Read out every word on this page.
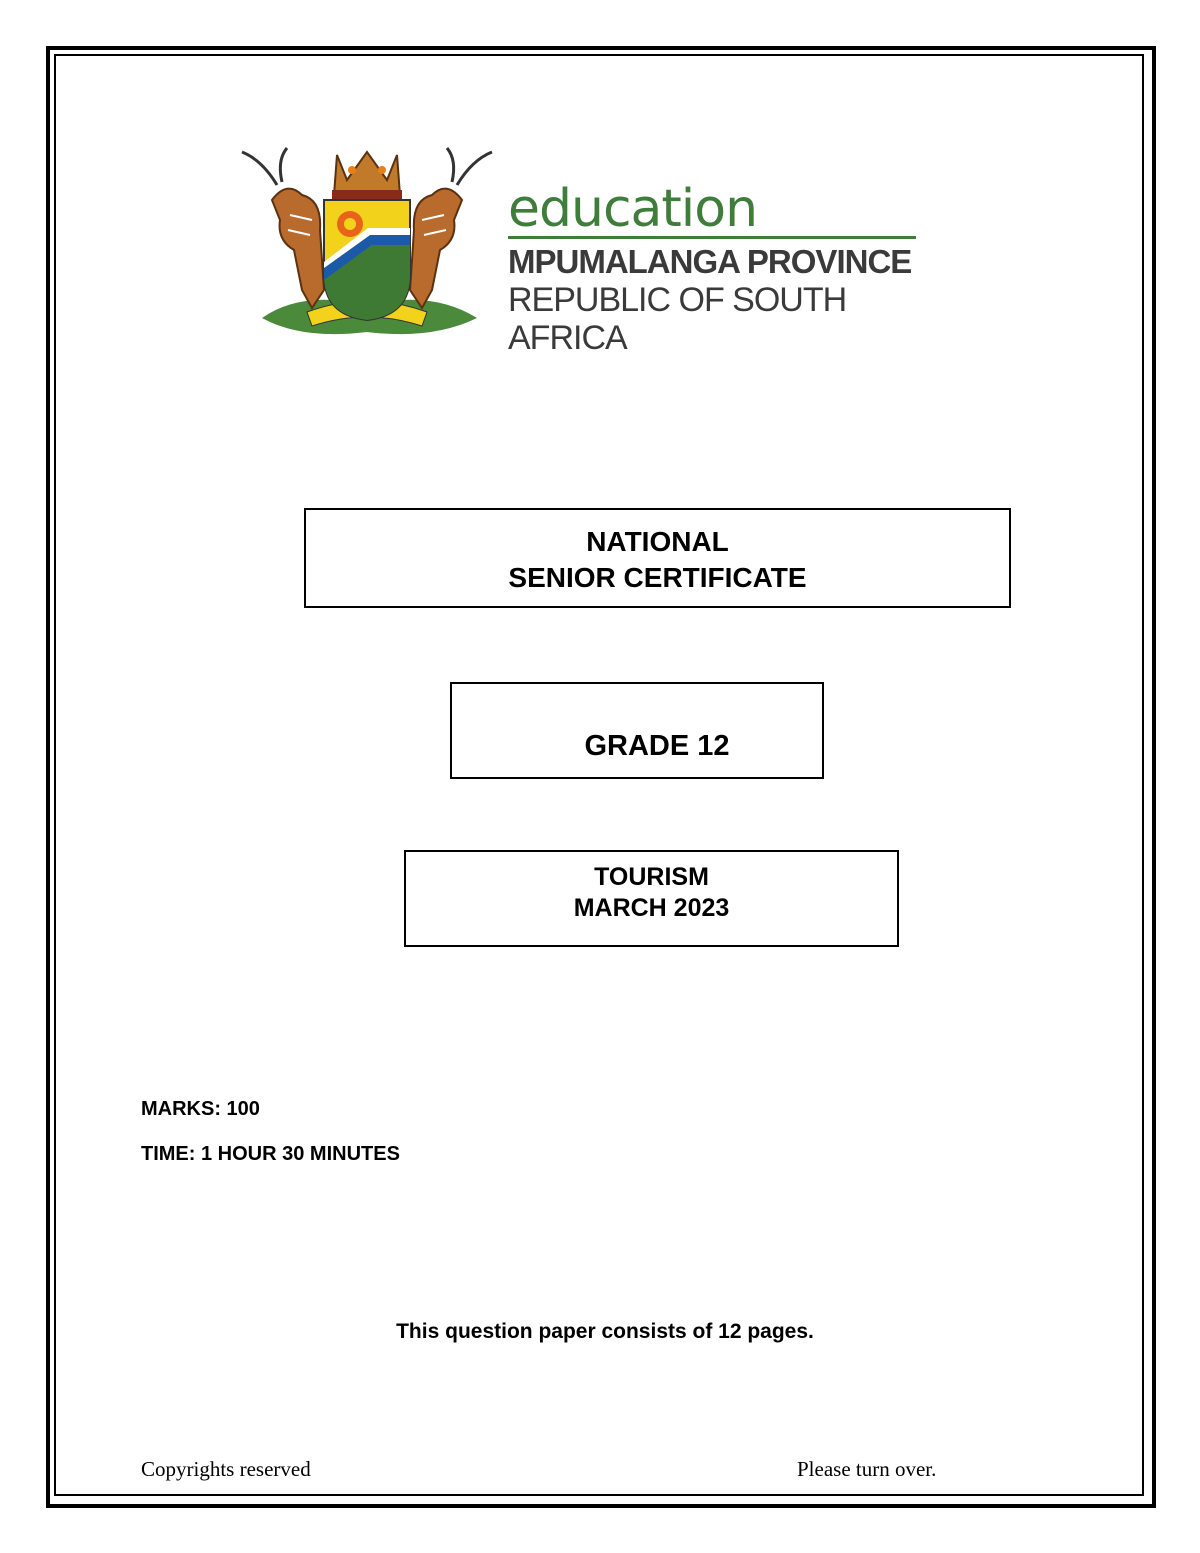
education
MPUMALANGA PROVINCE
REPUBLIC OF SOUTH AFRICA
NATIONAL
SENIOR CERTIFICATE
GRADE 12
TOURISM
MARCH 2023
MARKS: 100
TIME: 1 HOUR 30 MINUTES
This question paper consists of 12 pages.
Copyrights reserved	Please turn over.
